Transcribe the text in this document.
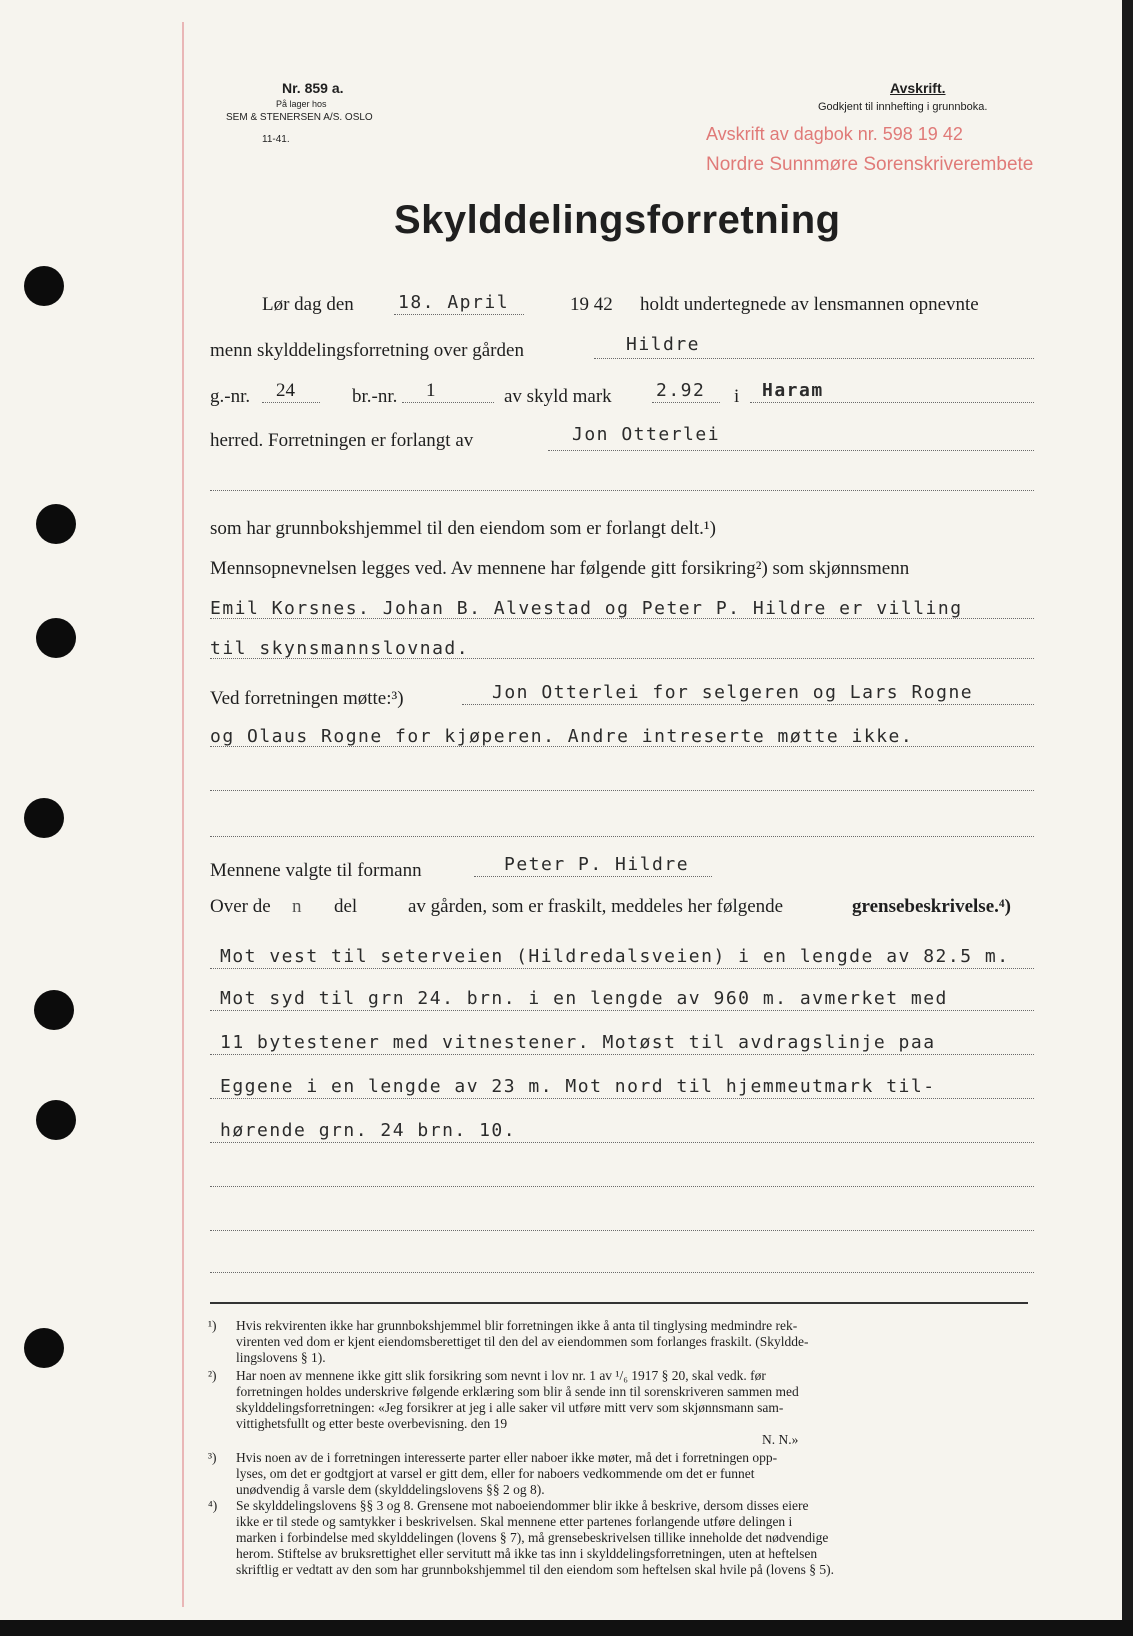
Nr. 859 a.
På lager hos
SEM & STENERSEN A/S. OSLO
11-41.
Avskrift.
Godkjent til innhefting i grunnboka.
Avskrift av dagbok nr. 598 19 42
Nordre Sunnmøre Sorenskriverembete
Skylddelingsforretning
Lør dag den 18. April	19 42 holdt undertegnede av lensmannen opnevnte
menn skylddelingsforretning over gården	Hildre
g.-nr. 24	br.-nr. 1	av skyld mark 2.92 i Haram
herred. Forretningen er forlangt av	Jon Otterlei
som har grunnbokshjemmel til den eiendom som er forlangt delt.¹)
Mennsopnevnelsen legges ved. Av mennene har følgende gitt forsikring²) som skjønnsmenn
Emil Korsnes. Johan B. Alvestad og Peter P. Hildre er villing
til skynsmannslovnad.
Ved forretningen møtte:³)	Jon Otterlei for selgeren og Lars Rogne
og Olaus Rogne for kjøperen. Andre intreserte møtte ikke.
Mennene valgte til formann	Peter P. Hildre
Over de n del	av gården, som er fraskilt, meddeles her følgende	grensebeskrivelse.⁴)
Mot vest til seterveien (Hildredalsveien) i en lengde av 82.5 m.
Mot syd til grn 24. brn. i en lengde av 960 m. avmerket med
11 bytestener med vitnestener. Motøst til avdragslinje paa
Eggene i en lengde av 23 m. Mot nord til hjemmeutmark til-
hørende grn. 24 brn. 10.
¹) Hvis rekvirenten ikke har grunnbokshjemmel blir forretningen ikke å anta til tinglysing medmindre rek-
virenten ved dom er kjent eiendomsberettiget til den del av eiendommen som forlanges fraskilt. (Skyldde-
lingslovens § 1).
²) Har noen av mennene ikke gitt slik forsikring som nevnt i lov nr. 1 av ¹/₆ 1917 § 20, skal vedk. før
forretningen holdes underskrive følgende erklæring som blir å sende inn til sorenskriveren sammen med
skylddelingsforretningen: «Jeg forsikrer at jeg i alle saker vil utføre mitt verv som skjønnsmann sam-
vittighetsfullt og etter beste overbevisning. den 19
³) Hvis noen av de i forretningen interesserte parter eller naboer ikke møter, må det i forretningen opp-
lyses, om det er godtgjort at varsel er gitt dem, eller for naboers vedkommende om det er funnet
unødvendig å varsle dem (skylddelingslovens §§ 2 og 8).
⁴) Se skylddelingslovens §§ 3 og 8. Grensene mot naboeiendommer blir ikke å beskrive, dersom disses eiere
ikke er til stede og samtykker i beskrivelsen. Skal mennene etter partenes forlangende utføre delingen i
marken i forbindelse med skylddelingen (lovens § 7), må grensebeskrivelsen tillike inneholde det nødvendige
herom. Stiftelse av bruksrettighet eller servitutt må ikke tas inn i skylddelingsforretningen, uten at heftelsen
skriftlig er vedtatt av den som har grunnbokshjemmel til den eiendom som heftelsen skal hvile på (lovens § 5).
N. N.»
